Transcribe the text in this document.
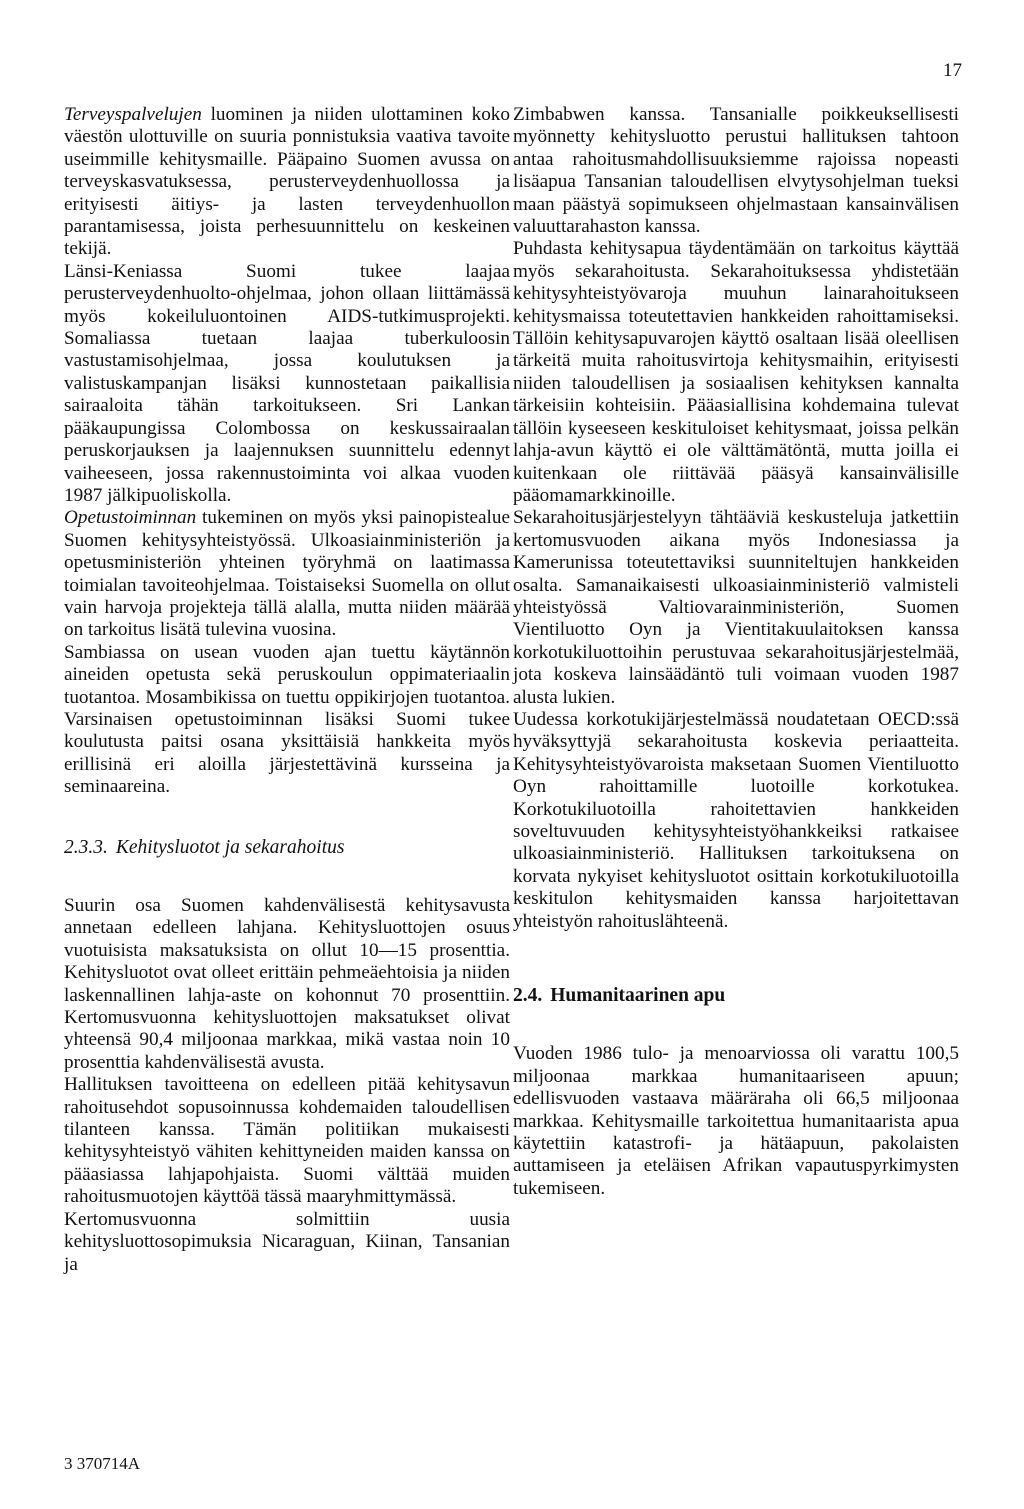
17

Terveyspalvelujen luominen ja niiden ulottaminen koko väestön ulottuville on suuria ponnistuksia vaativa tavoite useimmille kehitysmaille. Pääpaino Suomen avussa on terveyskasvatuksessa, perusterveydenhuollossa ja erityisesti äitiys- ja lasten terveydenhuollon parantamisessa, joista perhesuunnittelu on keskeinen tekijä.

Länsi-Keniassa Suomi tukee laajaa perusterveydenhuolto-ohjelmaa, johon ollaan liittämässä myös kokeiluluontoinen AIDS-tutkimusprojekti. Somaliassa tuetaan laajaa tuberkuloosin vastustamisohjelmaa, jossa koulutuksen ja valistuskampanjan lisäksi kunnostetaan paikallisia sairaaloita tähän tarkoitukseen. Sri Lankan pääkaupungissa Colombossa on keskussairaalan peruskorjauksen ja laajennuksen suunnittelu edennyt vaiheeseen, jossa rakennustoiminta voi alkaa vuoden 1987 jälkipuoliskolla.

Opetustoiminnan tukeminen on myös yksi painopistealue Suomen kehitysyhteistyössä. Ulkoasiainministeriön ja opetusministeriön yhteinen työryhmä on laatimassa toimialan tavoiteohjelmaa. Toistaiseksi Suomella on ollut vain harvoja projekteja tällä alalla, mutta niiden määrää on tarkoitus lisätä tulevina vuosina.

Sambiassa on usean vuoden ajan tuettu käytännön aineiden opetusta sekä peruskoulun oppimateriaalin tuotantoa. Mosambikissa on tuettu oppikirjojen tuotantoa. Varsinaisen opetustoiminnan lisäksi Suomi tukee koulutusta paitsi osana yksittäisiä hankkeita myös erillisinä eri aloilla järjestettävinä kursseina ja seminaareina.

2.3.3. Kehitysluotot ja sekarahoitus

Suurin osa Suomen kahdenvälisestä kehitysavusta annetaan edelleen lahjana. Kehitysluottojen osuus vuotuisista maksatuksista on ollut 10—15 prosenttia. Kehitysluotot ovat olleet erittäin pehmeäehtoisia ja niiden laskennallinen lahja-aste on kohonnut 70 prosenttiin. Kertomusvuonna kehitysluottojen maksatukset olivat yhteensä 90,4 miljoonaa markkaa, mikä vastaa noin 10 prosenttia kahdenvälisestä avusta.

Hallituksen tavoitteena on edelleen pitää kehitysavun rahoitusehdot sopusoinnussa kohdemaiden taloudellisen tilanteen kanssa. Tämän politiikan mukaisesti kehitysyhteistyö vähiten kehittyneiden maiden kanssa on pääasiassa lahjapohjaista. Suomi välttää muiden rahoitusmuotojen käyttöä tässä maaryhmittymässä.

Kertomusvuonna solmittiin uusia kehitysluottosopimuksia Nicaraguan, Kiinan, Tansanian ja

Zimbabwen kanssa. Tansanialle poikkeuksellisesti myönnetty kehitysluotto perustui hallituksen tahtoon antaa rahoitusmahdollisuuksiemme rajoissa nopeasti lisäapua Tansanian taloudellisen elvytysohjelman tueksi maan päästyä sopimukseen ohjelmastaan kansainvälisen valuuttarahaston kanssa.

Puhdasta kehitysapua täydentämään on tarkoitus käyttää myös sekarahoitusta. Sekarahoituksessa yhdistetään kehitysyhteistyövaroja muuhun lainarahoitukseen kehitysmaissa toteutettavien hankkeiden rahoittamiseksi. Tällöin kehitysapuvarojen käyttö osaltaan lisää oleellisen tärkeitä muita rahoitusvirtoja kehitysmaihin, erityisesti niiden taloudellisen ja sosiaalisen kehityksen kannalta tärkeisiin kohteisiin. Pääasiallisina kohdemaina tulevat tällöin kyseeseen keskituloiset kehitysmaat, joissa pelkän lahja-avun käyttö ei ole välttämätöntä, mutta joilla ei kuitenkaan ole riittävää pääsyä kansainvälisille pääomamarkkinoille.

Sekarahoitusjärjestelyyn tähtääviä keskusteluja jatkettiin kertomusvuoden aikana myös Indonesiassa ja Kamerunissa toteutettaviksi suunniteltujen hankkeiden osalta. Samanaikaisesti ulkoasiainministeriö valmisteli yhteistyössä Valtiovarainministeriön, Suomen Vientiluotto Oyn ja Vientitakuulaitoksen kanssa korkotukiluottoihin perustuvaa sekarahoitusjärjestelmää, jota koskeva lainsäädäntö tuli voimaan vuoden 1987 alusta lukien.

Uudessa korkotukijärjestelmässä noudatetaan OECD:ssä hyväksyttyjä sekarahoitusta koskevia periaatteita. Kehitysyhteistyövaroista maksetaan Suomen Vientiluotto Oyn rahoittamille luotoille korkotukea. Korkotukiluotoilla rahoitettavien hankkeiden soveltuvuuden kehitysyhteistyöhankkeiksi ratkaisee ulkoasiainministeriö. Hallituksen tarkoituksena on korvata nykyiset kehitysluotot osittain korkotukiluotoilla keskitulon kehitysmaiden kanssa harjoitettavan yhteistyön rahoituslähteenä.

2.4. Humanitaarinen apu

Vuoden 1986 tulo- ja menoarviossa oli varattu 100,5 miljoonaa markkaa humanitaariseen apuun; edellisvuoden vastaava määräraha oli 66,5 miljoonaa markkaa. Kehitysmaille tarkoitettua humanitaarista apua käytettiin katastrofi- ja hätäapuun, pakolaisten auttamiseen ja eteläisen Afrikan vapautuspyrkimysten tukemiseen.

3 370714A
